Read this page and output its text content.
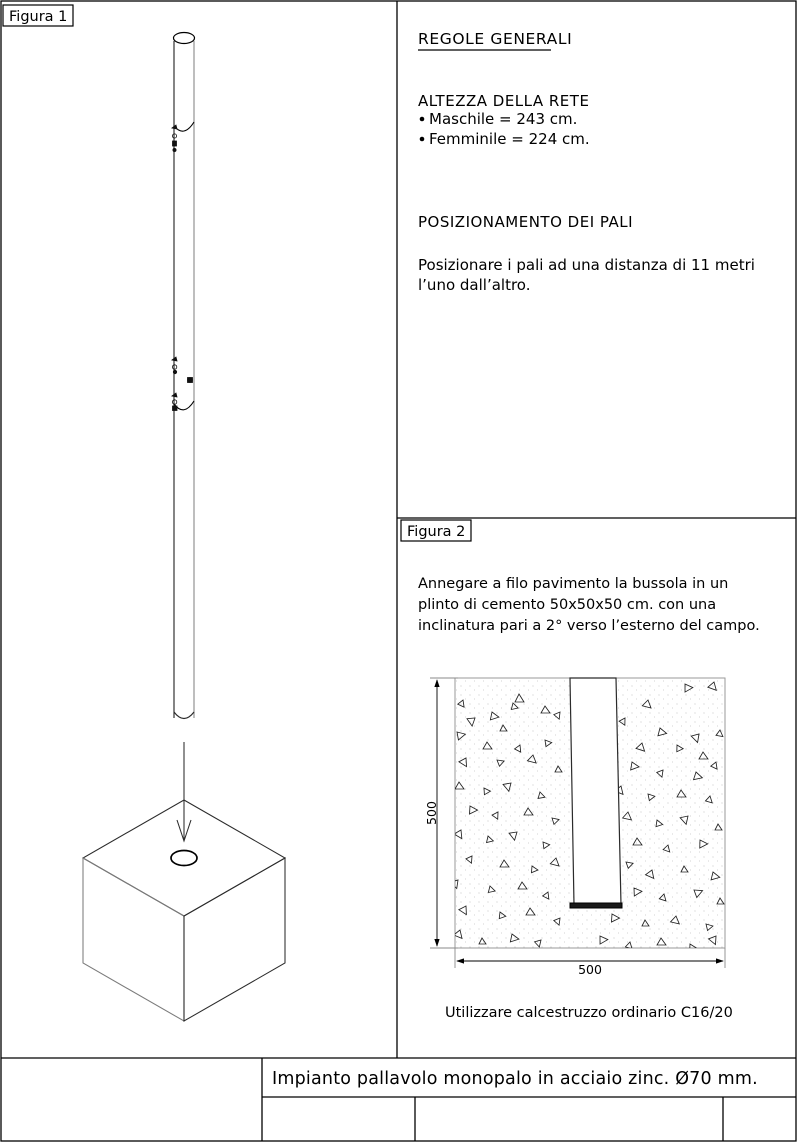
Figura 1
Figura 2
500
500
REGOLE GENERALI
ALTEZZA DELLA RETE
Maschile = 243 cm.
Femminile = 224 cm.
POSIZIONAMENTO DEI PALI
Posizionare i pali ad una distanza di 11 metri
l’uno dall’altro.
Annegare a filo pavimento la bussola in un
plinto di cemento 50x50x50 cm. con una
inclinatura pari a 2° verso l’esterno del campo.
Utilizzare calcestruzzo ordinario C16/20
Impianto pallavolo monopalo in acciaio zinc. Ø70 mm.
